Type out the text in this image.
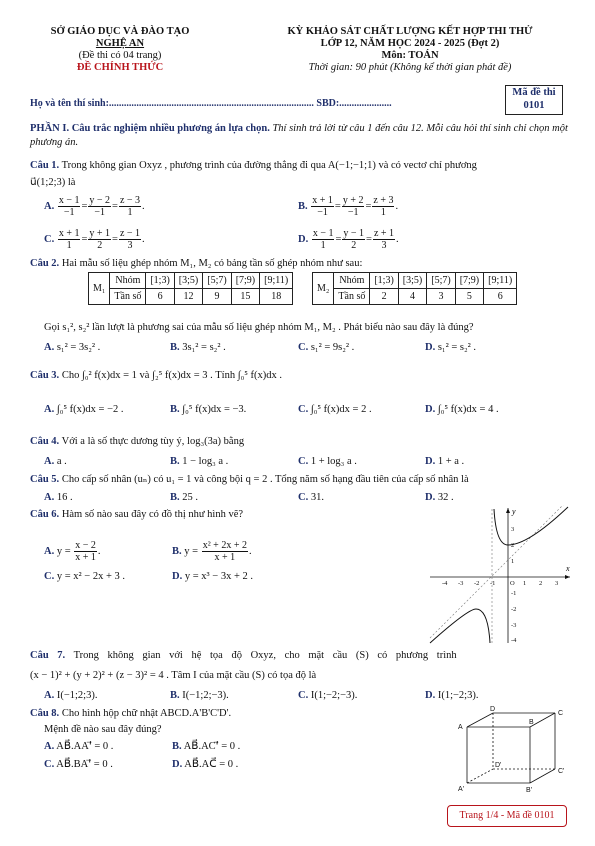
SỞ GIÁO DỤC VÀ ĐÀO TẠO
NGHỆ AN
(Đề thi có 04 trang)
ĐỀ CHÍNH THỨC
KỲ KHẢO SÁT CHẤT LƯỢNG KẾT HỢP THI THỬ
LỚP 12, NĂM HỌC 2024 - 2025 (Đợt 2)
Môn: TOÁN
Thời gian: 90 phút (Không kể thời gian phát đề)
Mã đề thi
0101
Họ và tên thí sinh:.................................................................................. SBD:.....................
PHẦN I. Câu trắc nghiệm nhiều phương án lựa chọn. Thí sinh trả lời từ câu 1 đến câu 12. Mỗi câu hỏi thí sinh chỉ chọn một phương án.
Câu 1. Trong không gian Oxyz , phương trình của đường thẳng đi qua A(−1;−1;1) và có vectơ chỉ phương
u⃗(1;2;3) là
A. $\frac{x - 1}{-1} = \frac{y - 2}{-1} = \frac{z - 3}{1}$ .	B. $\frac{x + 1}{-1} = \frac{y + 2}{-1} = \frac{z + 3}{1}$ .
C. $\frac{x + 1}{1} = \frac{y + 1}{2} = \frac{z - 1}{3}$ .	D. $\frac{x - 1}{1} = \frac{y - 1}{2} = \frac{z + 1}{3}$ .
Câu 2. Hai mẫu số liệu ghép nhóm M₁, M₂ có bảng tần số ghép nhóm như sau:
M₁	Nhóm	[1;3)	[3;5)	[5;7)	[7;9)	[9;11)
	Tần số	6	12	9	15	18
M₂	Nhóm	[1;3)	[3;5)	[5;7)	[7;9)	[9;11)
	Tần số	2	4	3	5	6
Gọi s₁², s₂² lần lượt là phương sai của mẫu số liệu ghép nhóm M₁, M₂ . Phát biểu nào sau đây là đúng?
A. s₁² = 3s₂² .	B. 3s₁² = s₂² .	C. s₁² = 9s₂² .	D. s₁² = s₂² .
Câu 3. Cho ∫₀² f(x)dx = 1 và ∫₂⁵ f(x)dx = 3 . Tính ∫₀⁵ f(x)dx .
A. ∫₀⁵ f(x)dx = −2 .	B. ∫₀⁵ f(x)dx = −3.	C. ∫₀⁵ f(x)dx = 2 .	D. ∫₀⁵ f(x)dx = 4 .
Câu 4. Với a là số thực dương tùy ý, log₃(3a) bằng
A. a .	B. 1 − log₃ a .	C. 1 + log₃ a .	D. 1 + a .
Câu 5. Cho cấp số nhân (uₙ) có u₁ = 1 và công bội q = 2 . Tổng năm số hạng đầu tiên của cấp số nhân là
A. 16 .	B. 25 .	C. 31.	D. 32 .
Câu 6. Hàm số nào sau đây có đồ thị như hình vẽ?
A. $y = \frac{x - 2}{x + 1}$ .	B. $y = \frac{\text{x² + 2x + 2}}{x + 1}$ .
C. y = x² − 2x + 3 .	D. y = x³ − 3x + 2 .
x
y
-4 -3 -2 -1 O 1 2 3
3
2
1
-1
-2
-3
-4
Câu 7. Trong không gian với hệ tọa độ Oxyz, cho mặt cầu (S) có phương trình
(x − 1)² + (y + 2)² + (z − 3)² = 4 . Tâm I của mặt cầu (S) có tọa độ là
A. I(−1;2;3).	B. I(−1;2;−3).	C. I(1;−2;−3).	D. I(1;−2;3).
Câu 8. Cho hình hộp chữ nhật ABCD.A'B'C'D'.
Mệnh đề nào sau đây đúng?
A. AB⃗.AA'⃗ = 0 .	B. AB⃗.AC'⃗ = 0 .
C. AB⃗.BA'⃗ = 0 .	D. AB⃗.AC⃗ = 0 .
A
B
C
D
A'	B'
C'
D'
Trang 1/4 - Mã đề 0101
